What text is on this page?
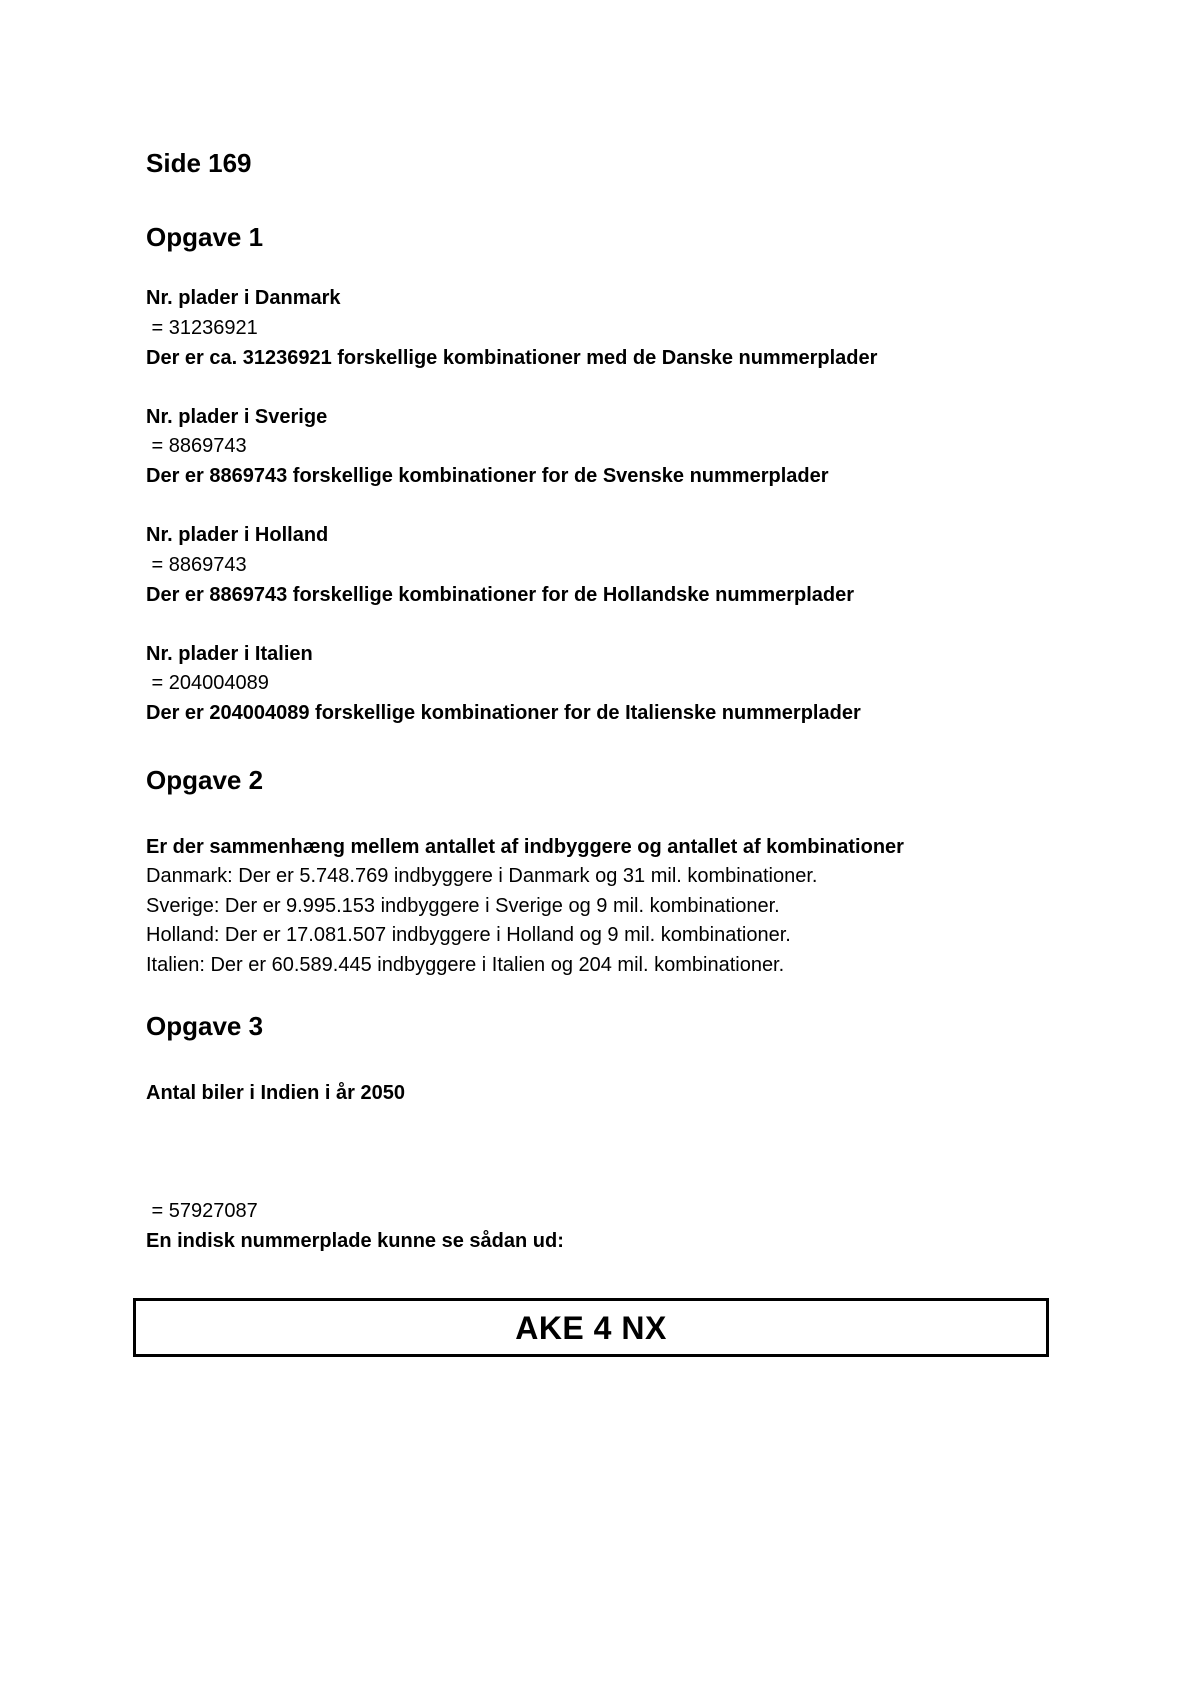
Side 169
Opgave 1
Nr. plader i Danmark
= 31236921
Der er ca. 31236921 forskellige kombinationer med de Danske nummerplader
Nr. plader i Sverige
= 8869743
Der er 8869743 forskellige kombinationer for de Svenske nummerplader
Nr. plader i Holland
= 8869743
Der er 8869743 forskellige kombinationer for de Hollandske nummerplader
Nr. plader i Italien
= 204004089
Der er 204004089 forskellige kombinationer for de Italienske nummerplader
Opgave 2
Er der sammenhæng mellem antallet af indbyggere og antallet af kombinationer
Danmark: Der er 5.748.769 indbyggere i Danmark og 31 mil. kombinationer.
Sverige: Der er 9.995.153 indbyggere i Sverige og 9 mil. kombinationer.
Holland: Der er 17.081.507 indbyggere i Holland og 9 mil. kombinationer.
Italien: Der er 60.589.445 indbyggere i Italien og 204 mil. kombinationer.
Opgave 3
Antal biler i Indien i år 2050
= 57927087
En indisk nummerplade kunne se sådan ud:
AKE 4 NX
